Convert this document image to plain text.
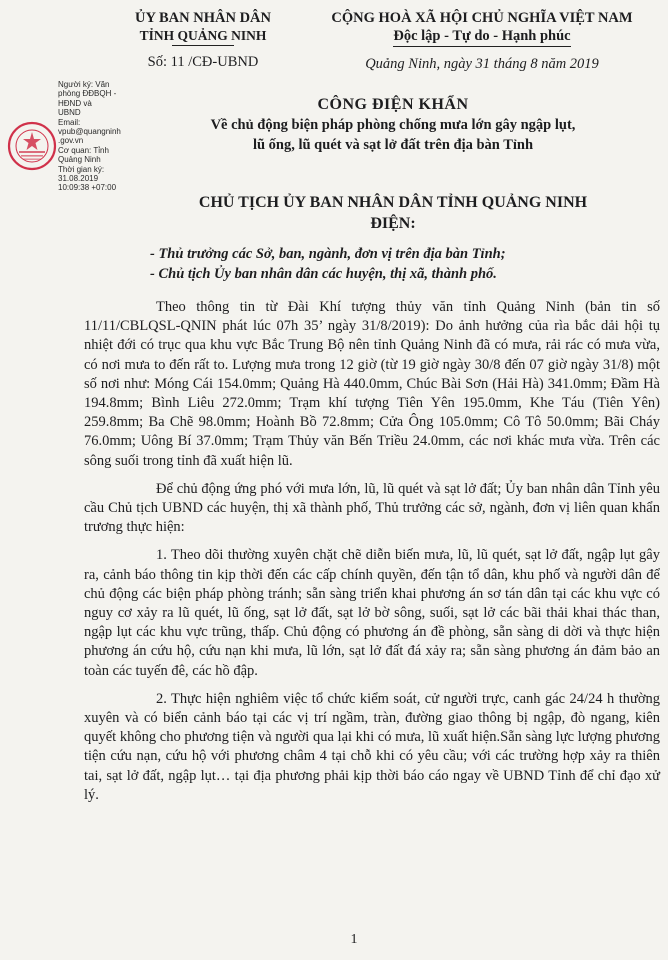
ỦY BAN NHÂN DÂN
TỈNH QUẢNG NINH
Số: 11 /CĐ-UBND
CỘNG HOÀ XÃ HỘI CHỦ NGHĨA VIỆT NAM
Độc lập - Tự do - Hạnh phúc
Quảng Ninh, ngày 31 tháng 8 năm 2019
Người ký: Văn
phòng ĐĐBQH -
HĐND và
UBND
Email:
vpub@quangninh
.gov.vn
Cơ quan: Tỉnh
Quảng Ninh
Thời gian ký:
31.08.2019
10:09:38 +07:00
CÔNG ĐIỆN KHẨN
Về chủ động biện pháp phòng chống mưa lớn gây ngập lụt,
lũ ống, lũ quét và sạt lở đất trên địa bàn Tỉnh
CHỦ TỊCH ỦY BAN NHÂN DÂN TỈNH QUẢNG NINH
ĐIỆN:
- Thủ trưởng các Sở, ban, ngành, đơn vị trên địa bàn Tỉnh;
- Chủ tịch Ủy ban nhân dân các huyện, thị xã, thành phố.

Theo thông tin từ Đài Khí tượng thủy văn tỉnh Quảng Ninh (bản tin số 11/11/CBLQSL-QNIN phát lúc 07h 35’ ngày 31/8/2019): Do ảnh hưởng của rìa bắc dải hội tụ nhiệt đới có trục qua khu vực Bắc Trung Bộ nên tỉnh Quảng Ninh đã có mưa, rải rác có mưa vừa, có nơi mưa to đến rất to. Lượng mưa trong 12 giờ (từ 19 giờ ngày 30/8 đến 07 giờ ngày 31/8) một số nơi như: Móng Cái 154.0mm; Quảng Hà 440.0mm, Chúc Bài Sơn (Hải Hà) 341.0mm; Đầm Hà 194.8mm; Bình Liêu 272.0mm; Trạm khí tượng Tiên Yên 195.0mm, Khe Táu (Tiên Yên) 259.8mm; Ba Chẽ 98.0mm; Hoành Bồ 72.8mm; Cửa Ông 105.0mm; Cô Tô 50.0mm; Bãi Cháy 76.0mm; Uông Bí 37.0mm; Trạm Thủy văn Bến Triều 24.0mm, các nơi khác mưa vừa. Trên các sông suối trong tỉnh đã xuất hiện lũ.

Để chủ động ứng phó với mưa lớn, lũ, lũ quét và sạt lở đất; Ủy ban nhân dân Tỉnh yêu cầu Chủ tịch UBND các huyện, thị xã thành phố, Thủ trưởng các sở, ngành, đơn vị liên quan khẩn trương thực hiện:

1. Theo dõi thường xuyên chặt chẽ diễn biến mưa, lũ, lũ quét, sạt lở đất, ngập lụt gây ra, cảnh báo thông tin kịp thời đến các cấp chính quyền, đến tận tổ dân, khu phố và người dân để chủ động các biện pháp phòng tránh; sẵn sàng triển khai phương án sơ tán dân tại các khu vực có nguy cơ xảy ra lũ quét, lũ ống, sạt lở đất, sạt lở bờ sông, suối, sạt lở các bãi thải khai thác than, ngập lụt các khu vực trũng, thấp. Chủ động có phương án đề phòng, sẵn sàng di dời và thực hiện phương án cứu hộ, cứu nạn khi mưa, lũ lớn, sạt lở đất đá xảy ra; sẵn sàng phương án đảm bảo an toàn các tuyến đê, các hồ đập.

2. Thực hiện nghiêm việc tổ chức kiểm soát, cử người trực, canh gác 24/24 h thường xuyên và có biển cảnh báo tại các vị trí ngầm, tràn, đường giao thông bị ngập, đò ngang, kiên quyết không cho phương tiện và người qua lại khi có mưa, lũ xuất hiện.Sẵn sàng lực lượng phương tiện cứu nạn, cứu hộ với phương châm 4 tại chỗ khi có yêu cầu; với các trường hợp xảy ra thiên tai, sạt lở đất, ngập lụt… tại địa phương phải kịp thời báo cáo ngay về UBND Tỉnh để chỉ đạo xử lý.

1
